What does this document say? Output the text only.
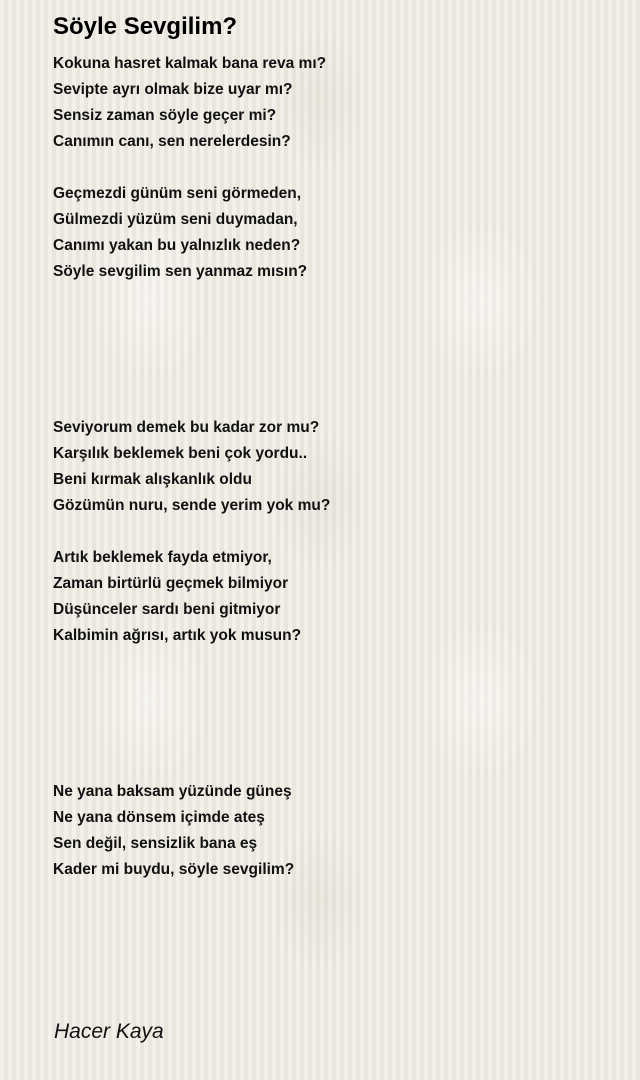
Söyle Sevgilim?
Kokuna hasret kalmak bana reva mı?
Sevipte ayrı olmak bize uyar mı?
Sensiz zaman söyle geçer mi?
Canımın canı, sen nerelerdesin?
Geçmezdi günüm seni görmeden,
Gülmezdi yüzüm seni duymadan,
Canımı yakan bu yalnızlık neden?
Söyle sevgilim sen yanmaz mısın?
Seviyorum demek bu kadar zor mu?
Karşılık beklemek beni çok yordu..
Beni kırmak alışkanlık oldu
Gözümün nuru, sende yerim yok mu?
Artık beklemek fayda etmiyor,
Zaman birtürlü geçmek bilmiyor
Düşünceler sardı beni gitmiyor
Kalbimin ağrısı, artık yok musun?
Ne yana baksam yüzünde güneş
Ne yana dönsem içimde ateş
Sen değil, sensizlik bana eş
Kader mi buydu, söyle sevgilim?
Hacer Kaya
